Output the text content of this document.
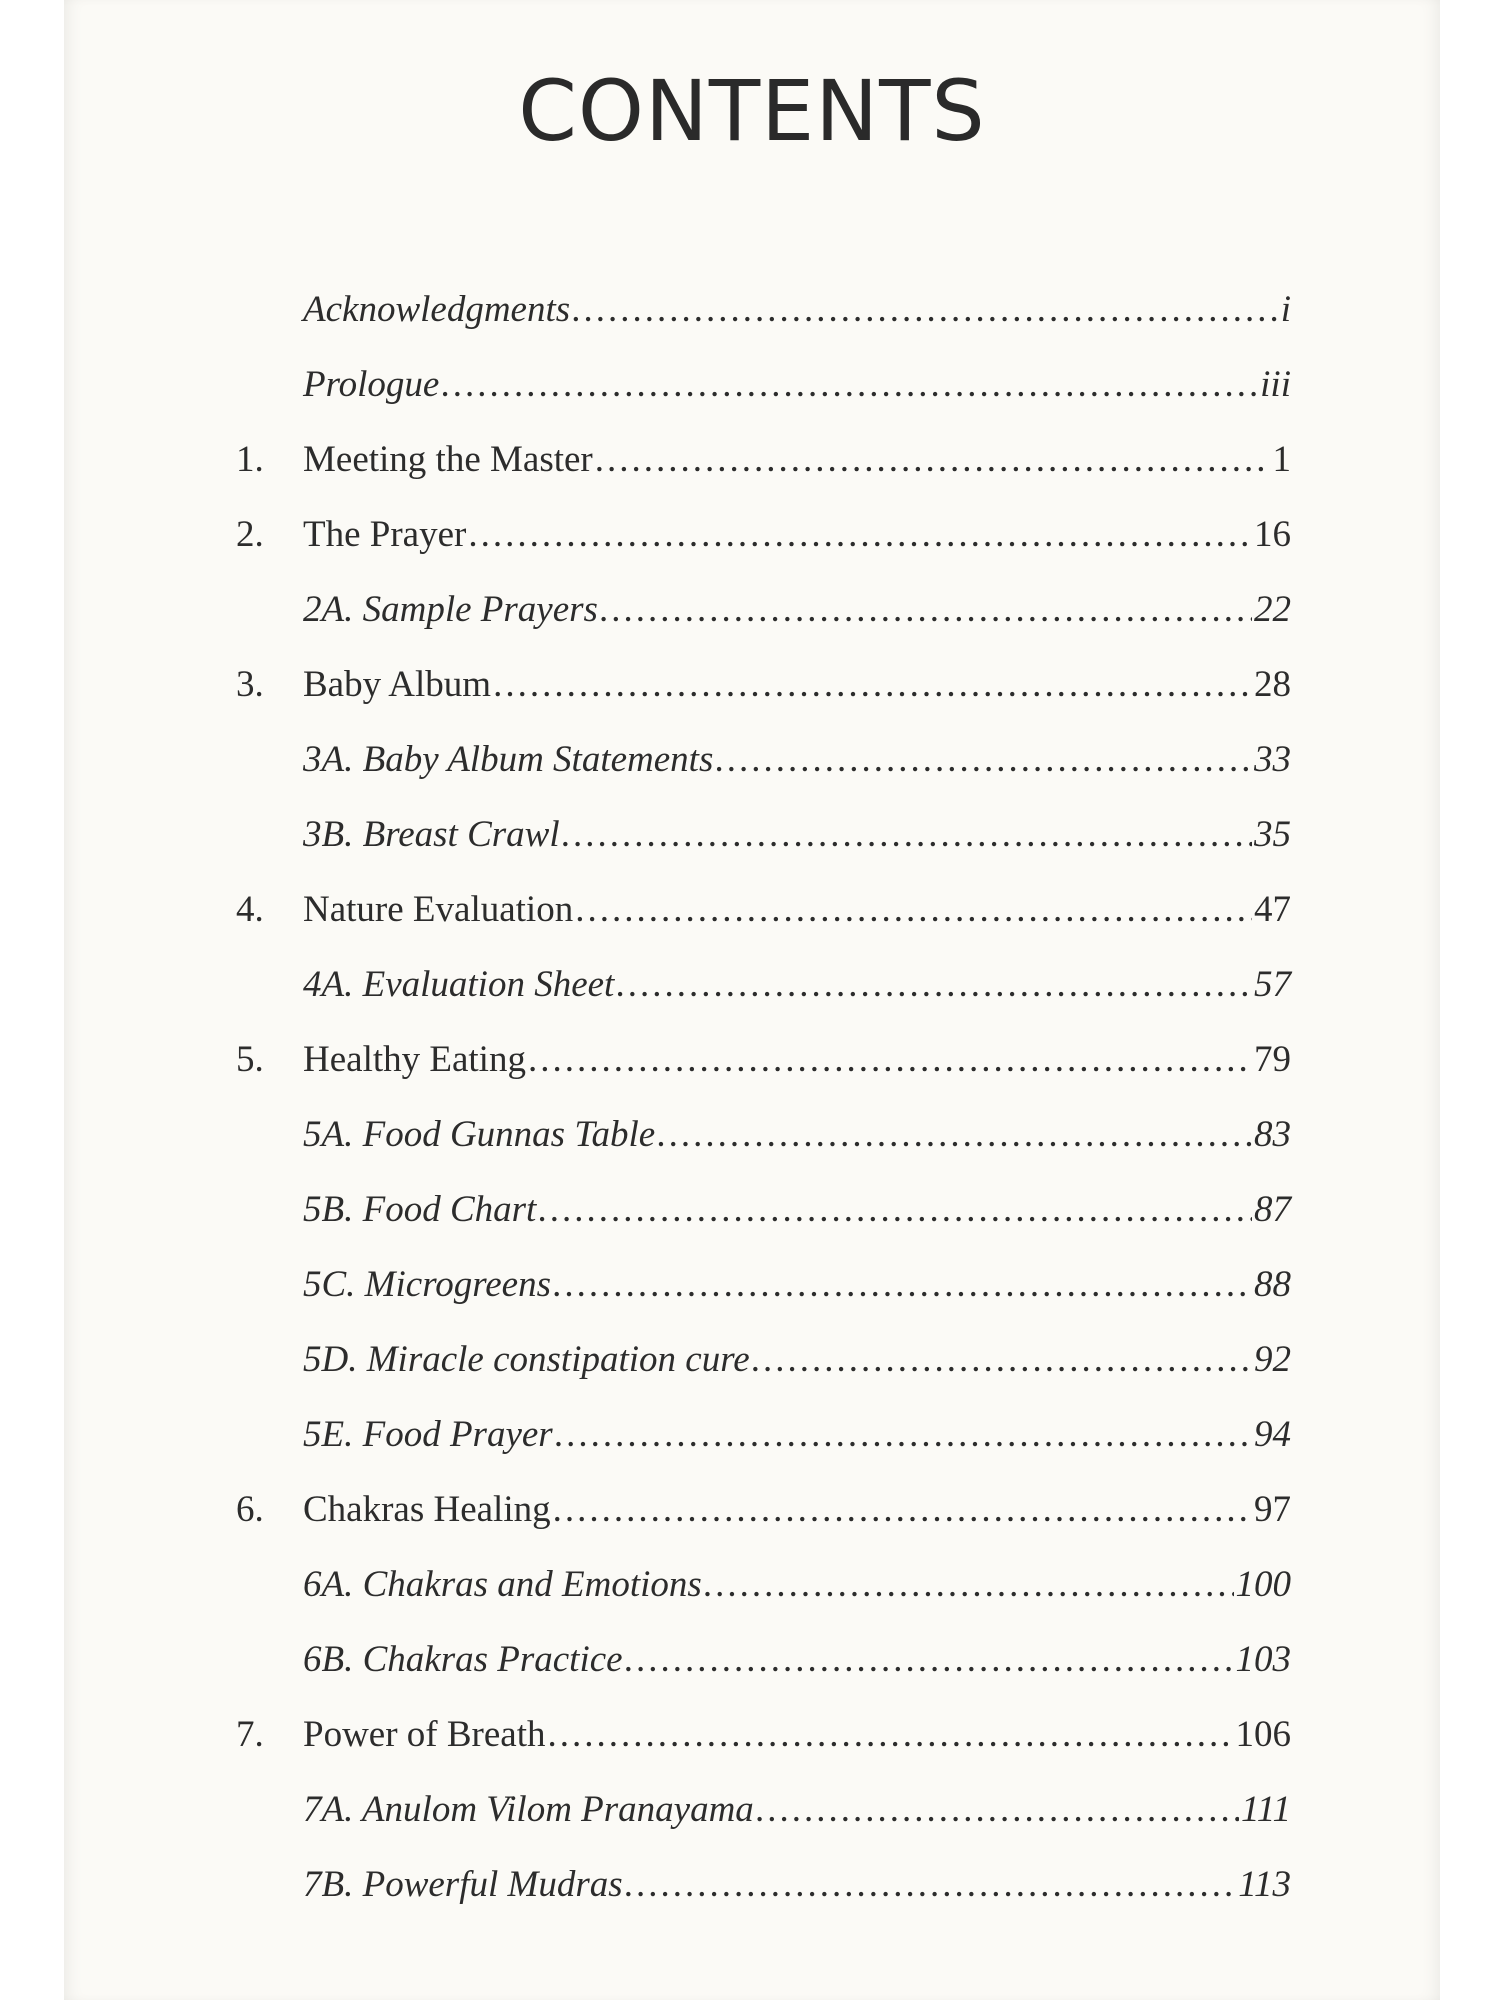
CONTENTS
Acknowledgments .....	i
Prologue .....	iii
1. Meeting the Master .....	1
2. The Prayer .....	16
2A. Sample Prayers .....	22
3. Baby Album .....	28
3A. Baby Album Statements .....	33
3B. Breast Crawl .....	35
4. Nature Evaluation .....	47
4A. Evaluation Sheet .....	57
5. Healthy Eating .....	79
5A. Food Gunnas Table .....	83
5B. Food Chart .....	87
5C. Microgreens .....	88
5D. Miracle constipation cure .....	92
5E. Food Prayer .....	94
6. Chakras Healing .....	97
6A. Chakras and Emotions .....	100
6B. Chakras Practice .....	103
7. Power of Breath .....	106
7A. Anulom Vilom Pranayama .....	111
7B. Powerful Mudras .....	113
